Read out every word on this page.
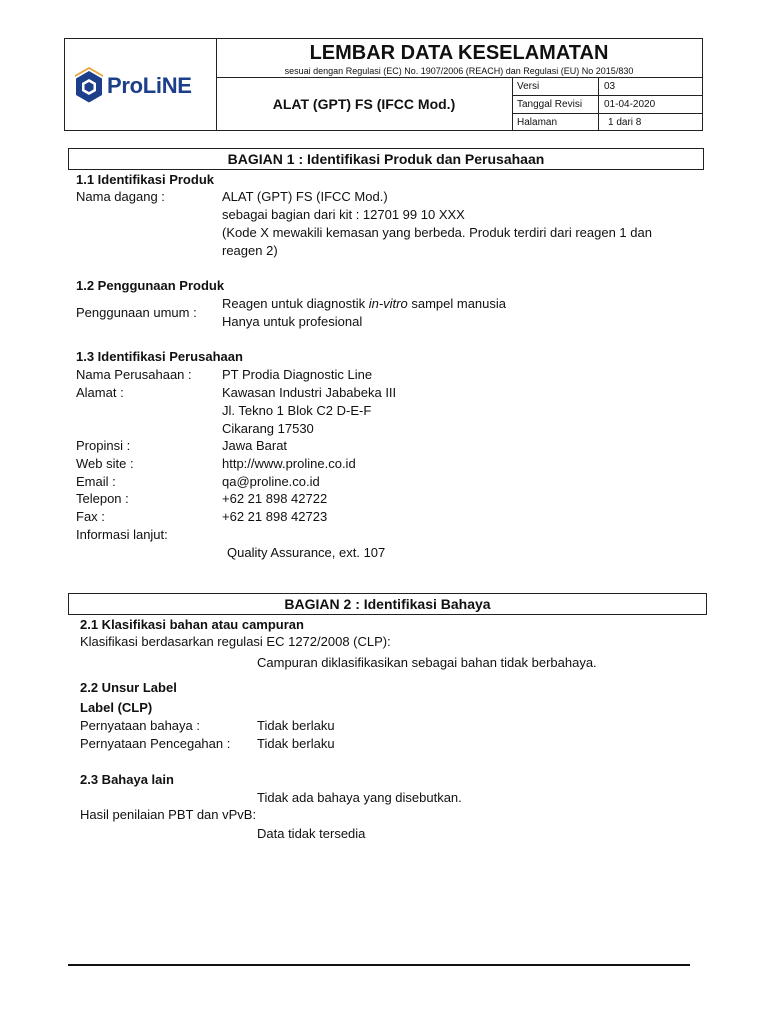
ProLiNE
LEMBAR DATA KESELAMATAN
sesuai dengan Regulasi (EC) No. 1907/2006 (REACH) dan Regulasi (EU) No 2015/830
ALAT (GPT) FS (IFCC Mod.)
Versi	03
Tanggal Revisi 01-04-2020
Halaman	1 dari 8
BAGIAN 1 : Identifikasi Produk dan Perusahaan
1.1 Identifikasi Produk
Nama dagang :	ALAT (GPT) FS (IFCC Mod.)
sebagai bagian dari kit : 12701 99 10 XXX
(Kode X mewakili kemasan yang berbeda. Produk terdiri dari reagen 1 dan
reagen 2)
1.2 Penggunaan Produk
Penggunaan umum :
Reagen untuk diagnostik in-vitro sampel manusia
Hanya untuk profesional
1.3 Identifikasi Perusahaan
Nama Perusahaan : PT Prodia Diagnostic Line
Alamat :	Kawasan Industri Jababeka III
Jl. Tekno 1 Blok C2 D-E-F
Cikarang 17530
Propinsi :	Jawa Barat
Web site :	http://www.proline.co.id
Email :	qa@proline.co.id
Telepon :	+62 21 898 42722
Fax :	+62 21 898 42723
Informasi lanjut:
Quality Assurance, ext. 107
BAGIAN 2 : Identifikasi Bahaya
2.1 Klasifikasi bahan atau campuran
Klasifikasi berdasarkan regulasi EC 1272/2008 (CLP):
Campuran diklasifikasikan sebagai bahan tidak berbahaya.
2.2 Unsur Label
Label (CLP)
Pernyataan bahaya :	Tidak berlaku
Pernyataan Pencegahan : Tidak berlaku
2.3 Bahaya lain
Tidak ada bahaya yang disebutkan.
Hasil penilaian PBT dan vPvB:
Data tidak tersedia
